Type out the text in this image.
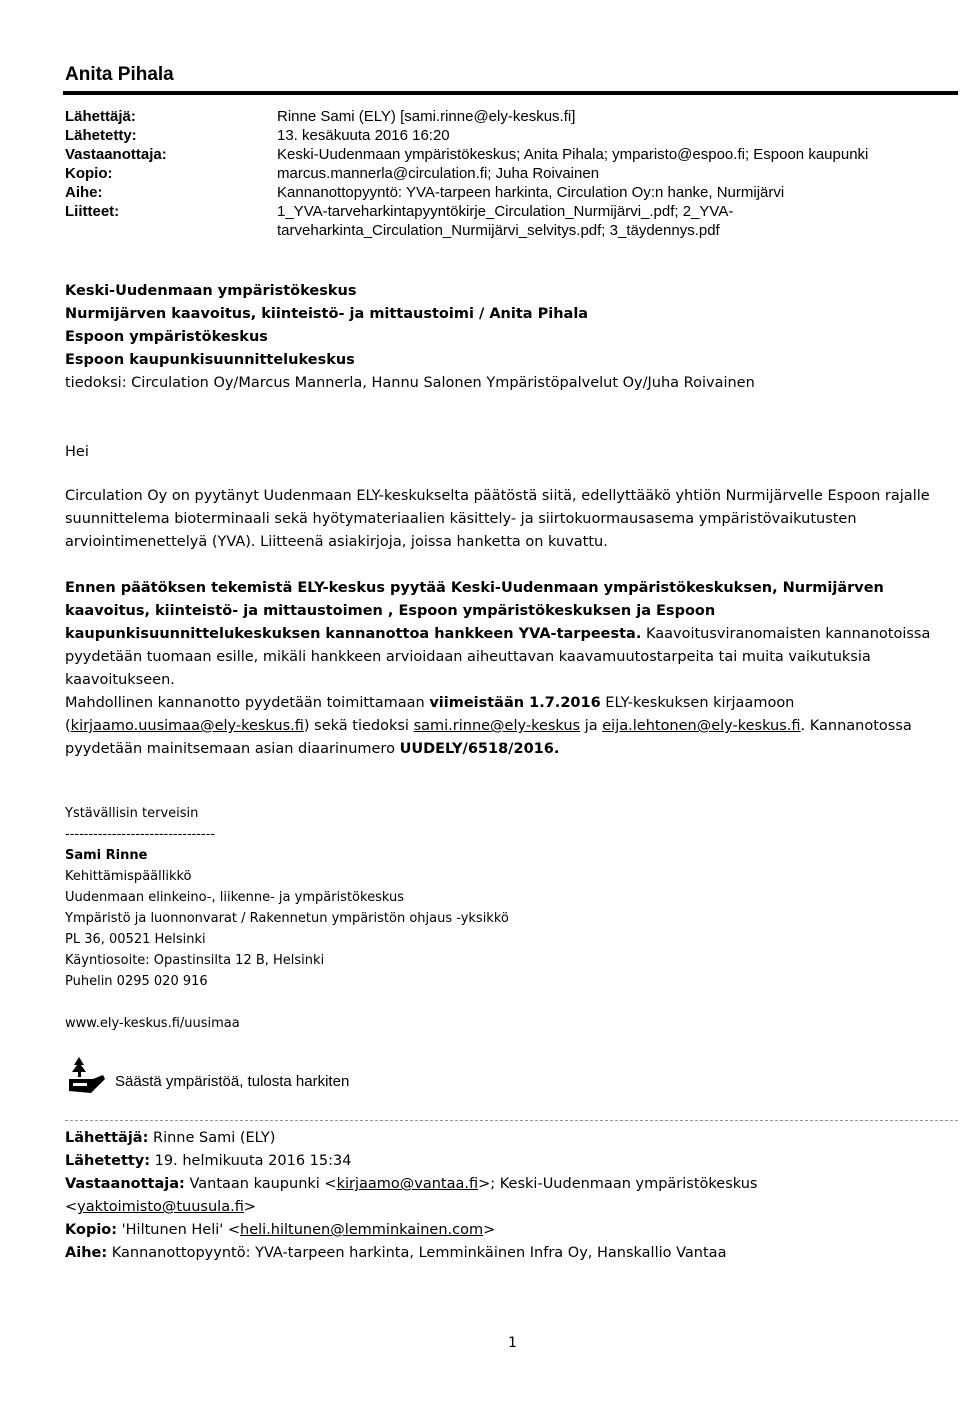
Anita Pihala
Lähettäjä:	Rinne Sami (ELY) [sami.rinne@ely-keskus.fi]
Lähetetty:	13. kesäkuuta 2016 16:20
Vastaanottaja:	Keski-Uudenmaan ympäristökeskus; Anita Pihala; ymparisto@espoo.fi; Espoon kaupunki
Kopio:	marcus.mannerla@circulation.fi; Juha Roivainen
Aihe:	Kannanottopyyntö: YVA-tarpeen harkinta, Circulation Oy:n hanke, Nurmijärvi
Liitteet:	1_YVA-tarveharkintapyyntökirje_Circulation_Nurmijärvi_.pdf; 2_YVA-tarveharkinta_Circulation_Nurmijärvi_selvitys.pdf; 3_täydennys.pdf
Keski-Uudenmaan ympäristökeskus
Nurmijärven kaavoitus, kiinteistö- ja mittaustoimi / Anita Pihala
Espoon ympäristökeskus
Espoon kaupunkisuunnittelukeskus
tiedoksi: Circulation Oy/Marcus Mannerla, Hannu Salonen Ympäristöpalvelut Oy/Juha Roivainen
Hei
Circulation Oy on pyytänyt Uudenmaan ELY-keskukselta päätöstä siitä, edellyttääkö yhtiön Nurmijärvelle Espoon rajalle suunnittelema bioterminaali sekä hyötymateriaalien käsittely- ja siirtokuormausasema ympäristövaikutusten arviointimenettelyä (YVA). Liitteenä asiakirjoja, joissa hanketta on kuvattu.
Ennen päätöksen tekemistä ELY-keskus pyytää Keski-Uudenmaan ympäristökeskuksen, Nurmijärven kaavoitus, kiinteistö- ja mittaustoimen , Espoon ympäristökeskuksen ja Espoon kaupunkisuunnittelukeskuksen kannanottoa hankkeen YVA-tarpeesta. Kaavoitusviranomaisten kannanotoissa pyydetään tuomaan esille, mikäli hankkeen arvioidaan aiheuttavan kaavamuutostarpeita tai muita vaikutuksia kaavoitukseen.
Mahdollinen kannanotto pyydetään toimittamaan viimeistään 1.7.2016 ELY-keskuksen kirjaamoon (kirjaamo.uusimaa@ely-keskus.fi) sekä tiedoksi sami.rinne@ely-keskus ja eija.lehtonen@ely-keskus.fi. Kannanotossa pyydetään mainitsemaan asian diaarinumero UUDELY/6518/2016.
Ystävällisin terveisin
--------------------------------
Sami Rinne
Kehittämispäällikkö
Uudenmaan elinkeino-, liikenne- ja ympäristökeskus
Ympäristö ja luonnonvarat / Rakennetun ympäristön ohjaus -yksikkö
PL 36, 00521 Helsinki
Käyntiosoite: Opastinsilta 12 B, Helsinki
Puhelin 0295 020 916
www.ely-keskus.fi/uusimaa
Säästä ympäristöä, tulosta harkiten
Lähettäjä: Rinne Sami (ELY)
Lähetetty: 19. helmikuuta 2016 15:34
Vastaanottaja: Vantaan kaupunki <kirjaamo@vantaa.fi>; Keski-Uudenmaan ympäristökeskus <yaktoimisto@tuusula.fi>
Kopio: 'Hiltunen Heli' <heli.hiltunen@lemminkainen.com>
Aihe: Kannanottopyyntö: YVA-tarpeen harkinta, Lemminkäinen Infra Oy, Hanskallio Vantaa
1
